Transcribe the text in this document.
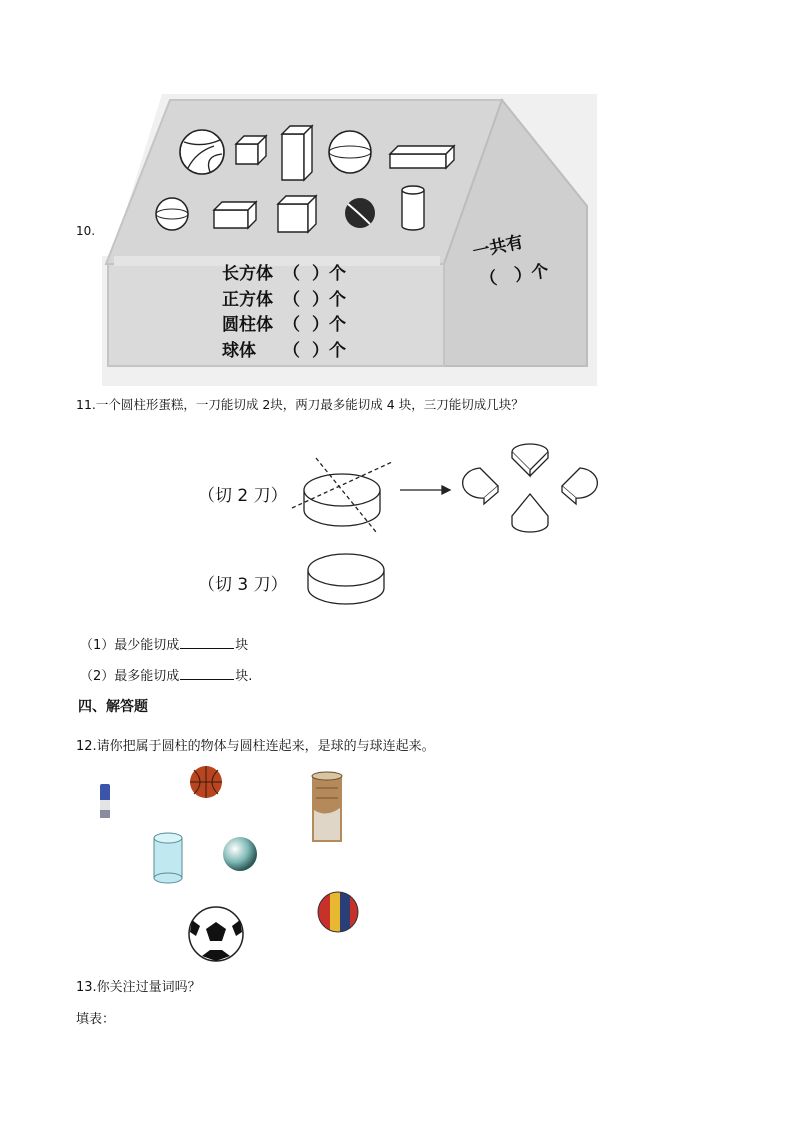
10.
长方体 （ ）个
正方体 （ ）个
圆柱体 （ ）个
球体 （ ）个
一共有
（ ）个
11.一个圆柱形蛋糕，一刀能切成 2块，两刀最多能切成 4 块，三刀能切成几块？
（切 2 刀）
（切 3 刀）
（1）最少能切成	块
（2）最多能切成	块.
四、解答题
12.请你把属于圆柱的物体与圆柱连起来，是球的与球连起来。
13.你关注过量词吗？
填表：
